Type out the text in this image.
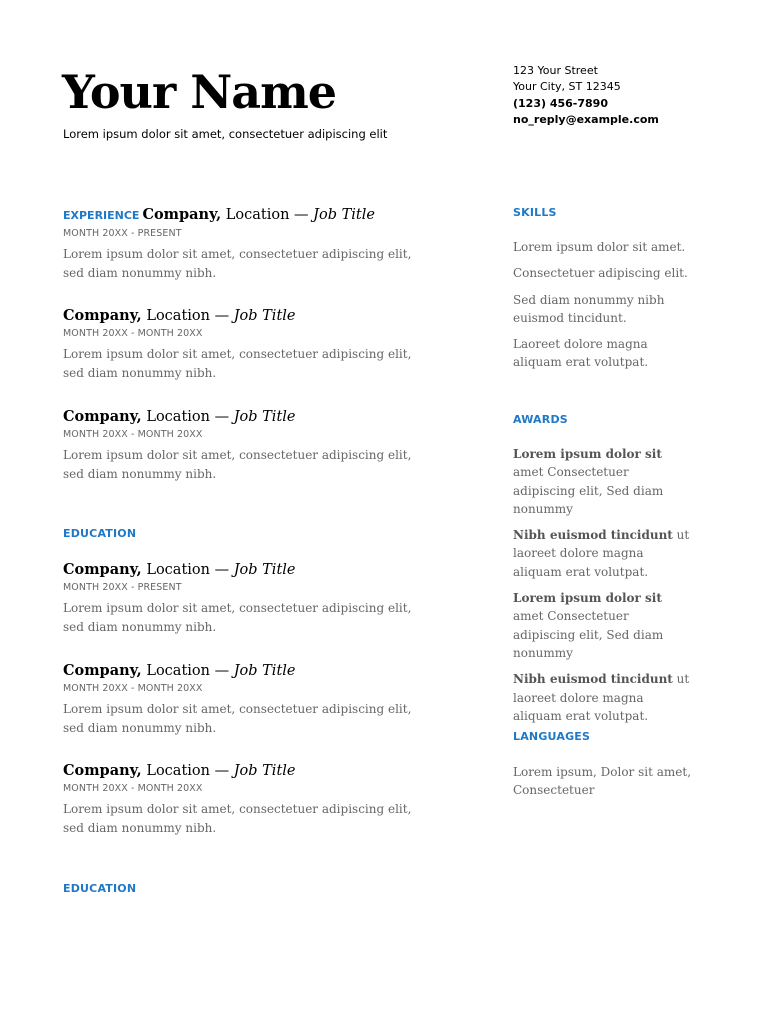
Your Name
Lorem ipsum dolor sit amet, consectetuer adipiscing elit
123 Your Street
Your City, ST 12345
(123) 456-7890
no_reply@example.com
EXPERIENCE Company, Location — Job Title
MONTH 20XX - PRESENT
Lorem ipsum dolor sit amet, consectetuer adipiscing elit, sed diam nonummy nibh.
Company, Location — Job Title
MONTH 20XX - MONTH 20XX
Lorem ipsum dolor sit amet, consectetuer adipiscing elit, sed diam nonummy nibh.
Company, Location — Job Title
MONTH 20XX - MONTH 20XX
Lorem ipsum dolor sit amet, consectetuer adipiscing elit, sed diam nonummy nibh.
EDUCATION
Company, Location — Job Title
MONTH 20XX - PRESENT
Lorem ipsum dolor sit amet, consectetuer adipiscing elit, sed diam nonummy nibh.
Company, Location — Job Title
MONTH 20XX - MONTH 20XX
Lorem ipsum dolor sit amet, consectetuer adipiscing elit, sed diam nonummy nibh.
Company, Location — Job Title
MONTH 20XX - MONTH 20XX
Lorem ipsum dolor sit amet, consectetuer adipiscing elit, sed diam nonummy nibh.
EDUCATION
SKILLS
Lorem ipsum dolor sit amet.
Consectetuer adipiscing elit.
Sed diam nonummy nibh euismod tincidunt.
Laoreet dolore magna aliquam erat volutpat.
AWARDS
Lorem ipsum dolor sit amet Consectetuer adipiscing elit, Sed diam nonummy
Nibh euismod tincidunt ut laoreet dolore magna aliquam erat volutpat.
Lorem ipsum dolor sit amet Consectetuer adipiscing elit, Sed diam nonummy
Nibh euismod tincidunt ut laoreet dolore magna aliquam erat volutpat.
LANGUAGES
Lorem ipsum, Dolor sit amet, Consectetuer
